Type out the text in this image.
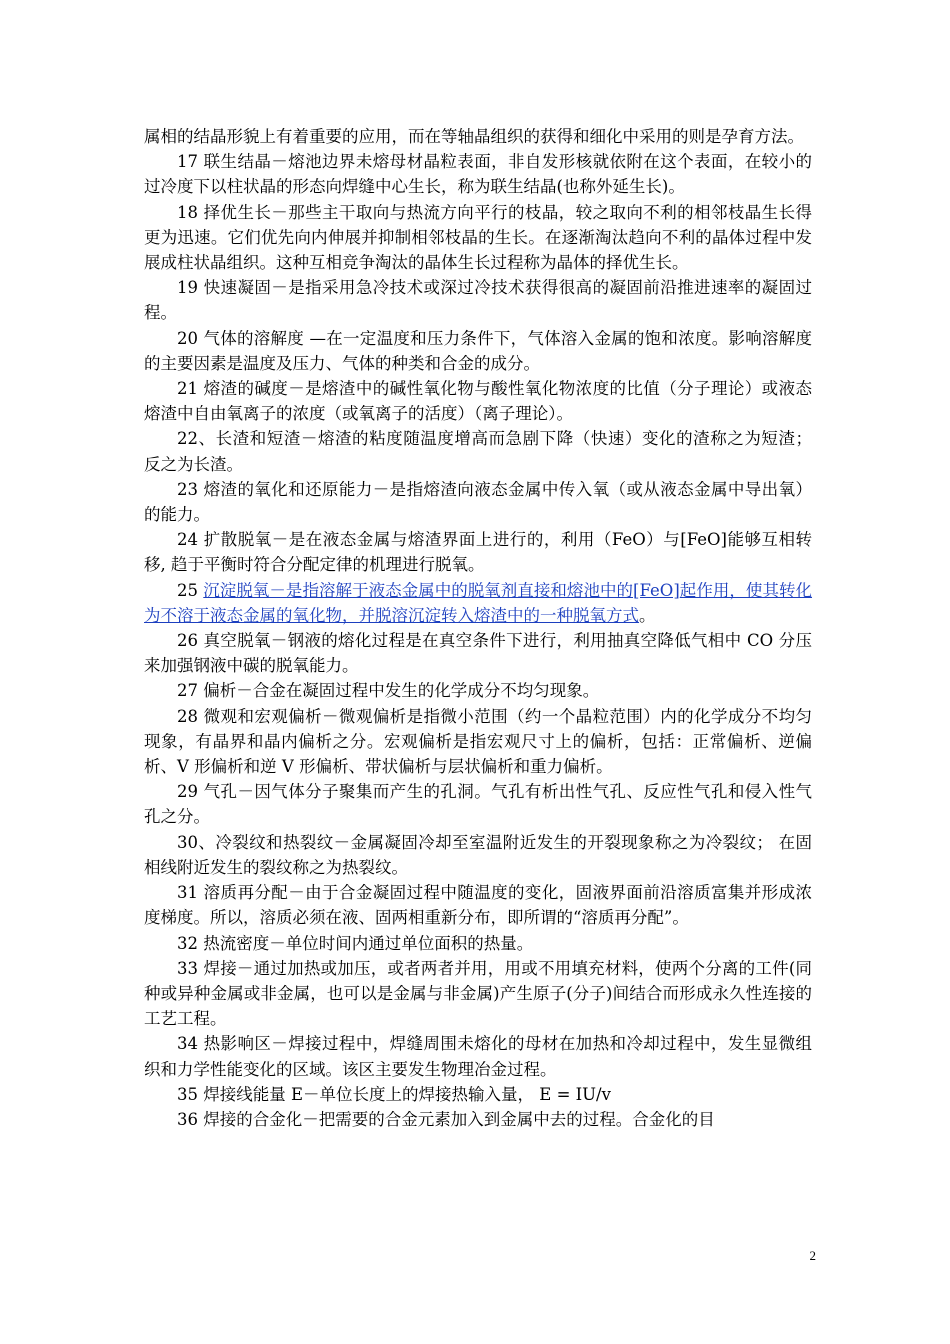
属相的结晶形貌上有着重要的应用，而在等轴晶组织的获得和细化中采用的则是孕育方法。

17 联生结晶－熔池边界未熔母材晶粒表面，非自发形核就依附在这个表面，在较小的过冷度下以柱状晶的形态向焊缝中心生长，称为联生结晶(也称外延生长)。

18 择优生长－那些主干取向与热流方向平行的枝晶，较之取向不利的相邻枝晶生长得更为迅速。它们优先向内伸展并抑制相邻枝晶的生长。在逐渐淘汰趋向不利的晶体过程中发展成柱状晶组织。这种互相竞争淘汰的晶体生长过程称为晶体的择优生长。

19 快速凝固－是指采用急冷技术或深过冷技术获得很高的凝固前沿推进速率的凝固过程。

20 气体的溶解度 —在一定温度和压力条件下，气体溶入金属的饱和浓度。影响溶解度的主要因素是温度及压力、气体的种类和合金的成分。

21 熔渣的碱度－是熔渣中的碱性氧化物与酸性氧化物浓度的比值（分子理论）或液态熔渣中自由氧离子的浓度（或氧离子的活度）（离子理论）。

22、长渣和短渣－熔渣的粘度随温度增高而急剧下降（快速）变化的渣称之为短渣； 反之为长渣。

23 熔渣的氧化和还原能力－是指熔渣向液态金属中传入氧（或从液态金属中导出氧）的能力。

24 扩散脱氧－是在液态金属与熔渣界面上进行的，利用（FeO）与[FeO]能够互相转移, 趋于平衡时符合分配定律的机理进行脱氧。

25 沉淀脱氧－是指溶解于液态金属中的脱氧剂直接和熔池中的[FeO]起作用，使其转化为不溶于液态金属的氧化物，并脱溶沉淀转入熔渣中的一种脱氧方式。

26 真空脱氧－钢液的熔化过程是在真空条件下进行，利用抽真空降低气相中 CO 分压来加强钢液中碳的脱氧能力。

27 偏析－合金在凝固过程中发生的化学成分不均匀现象。

28 微观和宏观偏析－微观偏析是指微小范围（约一个晶粒范围）内的化学成分不均匀现象，有晶界和晶内偏析之分。宏观偏析是指宏观尺寸上的偏析，包括：正常偏析、逆偏析、V 形偏析和逆 V 形偏析、带状偏析与层状偏析和重力偏析。

29 气孔－因气体分子聚集而产生的孔洞。气孔有析出性气孔、反应性气孔和侵入性气孔之分。

30、冷裂纹和热裂纹－金属凝固冷却至室温附近发生的开裂现象称之为冷裂纹； 在固相线附近发生的裂纹称之为热裂纹。

31 溶质再分配－由于合金凝固过程中随温度的变化，固液界面前沿溶质富集并形成浓度梯度。所以，溶质必须在液、固两相重新分布，即所谓的“溶质再分配”。

32 热流密度－单位时间内通过单位面积的热量。

33 焊接－通过加热或加压，或者两者并用，用或不用填充材料，使两个分离的工件(同种或异种金属或非金属，也可以是金属与非金属)产生原子(分子)间结合而形成永久性连接的工艺工程。

34 热影响区－焊接过程中，焊缝周围未熔化的母材在加热和冷却过程中，发生显微组织和力学性能变化的区域。该区主要发生物理冶金过程。

35 焊接线能量 E－单位长度上的焊接热输入量， E = IU/v

36 焊接的合金化－把需要的合金元素加入到金属中去的过程。合金化的目

2
